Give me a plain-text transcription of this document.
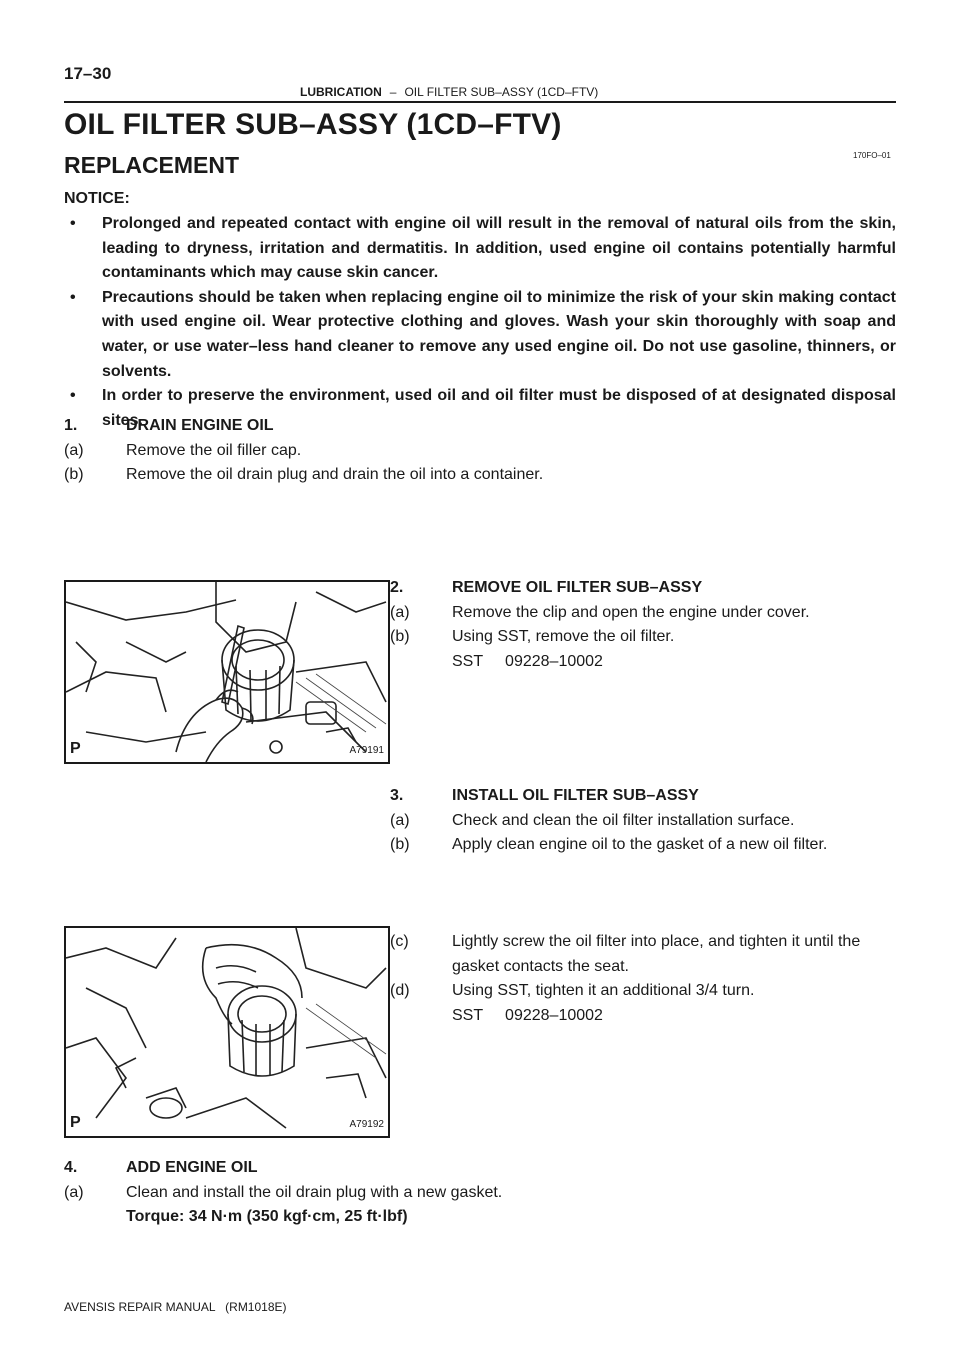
17–30
LUBRICATION – OIL FILTER SUB–ASSY (1CD–FTV)
OIL FILTER SUB–ASSY (1CD–FTV)
170FO–01
REPLACEMENT
NOTICE:
• Prolonged and repeated contact with engine oil will result in the removal of natural oils from the skin, leading to dryness, irritation and dermatitis. In addition, used engine oil contains potentially harmful contaminants which may cause skin cancer.
• Precautions should be taken when replacing engine oil to minimize the risk of your skin making contact with used engine oil. Wear protective clothing and gloves. Wash your skin thoroughly with soap and water, or use water–less hand cleaner to remove any used engine oil. Do not use gasoline, thinners, or solvents.
• In order to preserve the environment, used oil and oil filter must be disposed of at designated disposal sites.
1.	DRAIN ENGINE OIL
(a)	Remove the oil filler cap.
(b)	Remove the oil drain plug and drain the oil into a container.
P	A79191
2.	REMOVE OIL FILTER SUB–ASSY
(a)	Remove the clip and open the engine under cover.
(b)	Using SST, remove the oil filter.
SST     09228–10002
3.	INSTALL OIL FILTER SUB–ASSY
(a)	Check and clean the oil filter installation surface.
(b)	Apply clean engine oil to the gasket of a new oil filter.
P	A79192
(c)	Lightly screw the oil filter into place, and tighten it until the gasket contacts the seat.
(d)	Using SST, tighten it an additional 3/4 turn.
SST     09228–10002
4.	ADD ENGINE OIL
(a)	Clean and install the oil drain plug with a new gasket.
Torque: 34 N·m (350 kgf·cm, 25 ft·lbf)
AVENSIS REPAIR MANUAL   (RM1018E)
